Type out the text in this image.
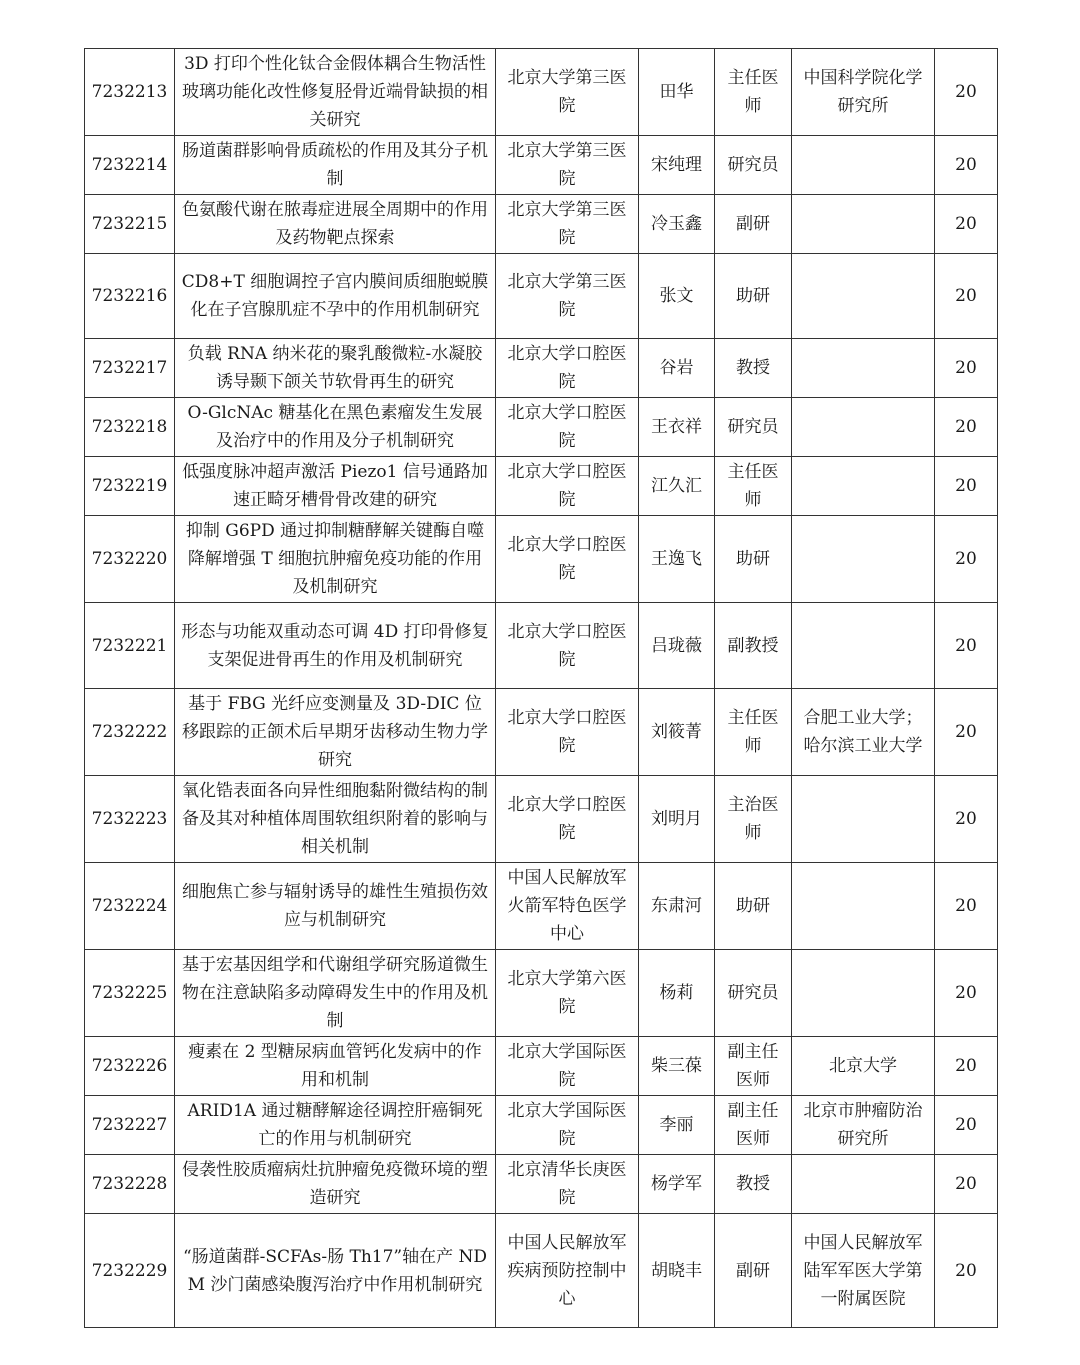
7232213	3D 打印个性化钛合金假体耦合生物活性玻璃功能化改性修复胫骨近端骨缺损的相关研究	北京大学第三医院	田华	主任医师	中国科学院化学研究所	20
7232214	肠道菌群影响骨质疏松的作用及其分子机制	北京大学第三医院	宋纯理	研究员		20
7232215	色氨酸代谢在脓毒症进展全周期中的作用及药物靶点探索	北京大学第三医院	冷玉鑫	副研		20
7232216	CD8+T 细胞调控子宫内膜间质细胞蜕膜化在子宫腺肌症不孕中的作用机制研究	北京大学第三医院	张文	助研		20
7232217	负载 RNA 纳米花的聚乳酸微粒-水凝胶诱导颞下颌关节软骨再生的研究	北京大学口腔医院	谷岩	教授		20
7232218	O-GlcNAc 糖基化在黑色素瘤发生发展及治疗中的作用及分子机制研究	北京大学口腔医院	王衣祥	研究员		20
7232219	低强度脉冲超声激活 Piezo1 信号通路加速正畸牙槽骨骨改建的研究	北京大学口腔医院	江久汇	主任医师		20
7232220	抑制 G6PD 通过抑制糖酵解关键酶自噬降解增强 T 细胞抗肿瘤免疫功能的作用及机制研究	北京大学口腔医院	王逸飞	助研		20
7232221	形态与功能双重动态可调 4D 打印骨修复支架促进骨再生的作用及机制研究	北京大学口腔医院	吕珑薇	副教授		20
7232222	基于 FBG 光纤应变测量及 3D-DIC 位移跟踪的正颌术后早期牙齿移动生物力学研究	北京大学口腔医院	刘筱菁	主任医师	合肥工业大学；哈尔滨工业大学	20
7232223	氧化锆表面各向异性细胞黏附微结构的制备及其对种植体周围软组织附着的影响与相关机制	北京大学口腔医院	刘明月	主治医师		20
7232224	细胞焦亡参与辐射诱导的雄性生殖损伤效应与机制研究	中国人民解放军火箭军特色医学中心	东肃河	助研		20
7232225	基于宏基因组学和代谢组学研究肠道微生物在注意缺陷多动障碍发生中的作用及机制	北京大学第六医院	杨莉	研究员		20
7232226	瘦素在 2 型糖尿病血管钙化发病中的作用和机制	北京大学国际医院	柴三葆	副主任医师	北京大学	20
7232227	ARID1A 通过糖酵解途径调控肝癌铜死亡的作用与机制研究	北京大学国际医院	李丽	副主任医师	北京市肿瘤防治研究所	20
7232228	侵袭性胶质瘤病灶抗肿瘤免疫微环境的塑造研究	北京清华长庚医院	杨学军	教授		20
7232229	“肠道菌群-SCFAs-肠 Th17”轴在产 NDM 沙门菌感染腹泻治疗中作用机制研究	中国人民解放军疾病预防控制中心	胡晓丰	副研	中国人民解放军陆军军医大学第一附属医院	20
